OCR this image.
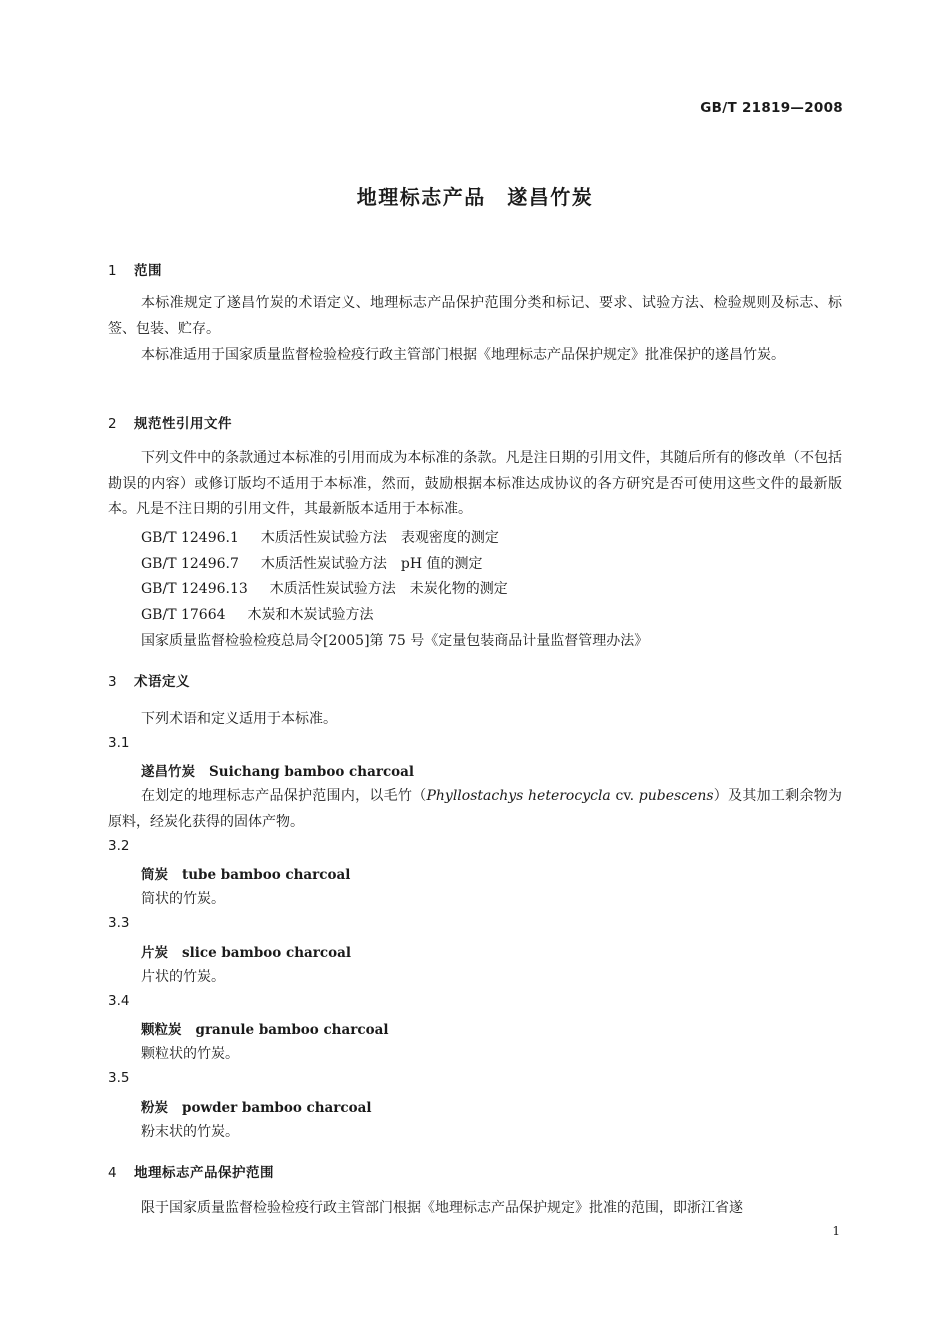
GB/T 21819—2008
地理标志产品　遂昌竹炭
1 范围
本标准规定了遂昌竹炭的术语定义、地理标志产品保护范围分类和标记、要求、试验方法、检验规则及标志、标签、包装、贮存。
本标准适用于国家质量监督检验检疫行政主管部门根据《地理标志产品保护规定》批准保护的遂昌竹炭。
2 规范性引用文件
下列文件中的条款通过本标准的引用而成为本标准的条款。凡是注日期的引用文件，其随后所有的修改单（不包括勘误的内容）或修订版均不适用于本标准，然而，鼓励根据本标准达成协议的各方研究是否可使用这些文件的最新版本。凡是不注日期的引用文件，其最新版本适用于本标准。
GB/T 12496.1 木质活性炭试验方法　表观密度的测定
GB/T 12496.7 木质活性炭试验方法　pH 值的测定
GB/T 12496.13 木质活性炭试验方法　未炭化物的测定
GB/T 17664 木炭和木炭试验方法
国家质量监督检验检疫总局令[2005]第 75 号《定量包装商品计量监督管理办法》
3 术语定义
下列术语和定义适用于本标准。
3.1
遂昌竹炭 Suichang bamboo charcoal
在划定的地理标志产品保护范围内，以毛竹（Phyllostachys heterocycla cv. pubescens）及其加工剩余物为原料，经炭化获得的固体产物。
3.2
筒炭 tube bamboo charcoal
筒状的竹炭。
3.3
片炭 slice bamboo charcoal
片状的竹炭。
3.4
颗粒炭 granule bamboo charcoal
颗粒状的竹炭。
3.5
粉炭 powder bamboo charcoal
粉末状的竹炭。
4 地理标志产品保护范围
限于国家质量监督检验检疫行政主管部门根据《地理标志产品保护规定》批准的范围，即浙江省遂
1
